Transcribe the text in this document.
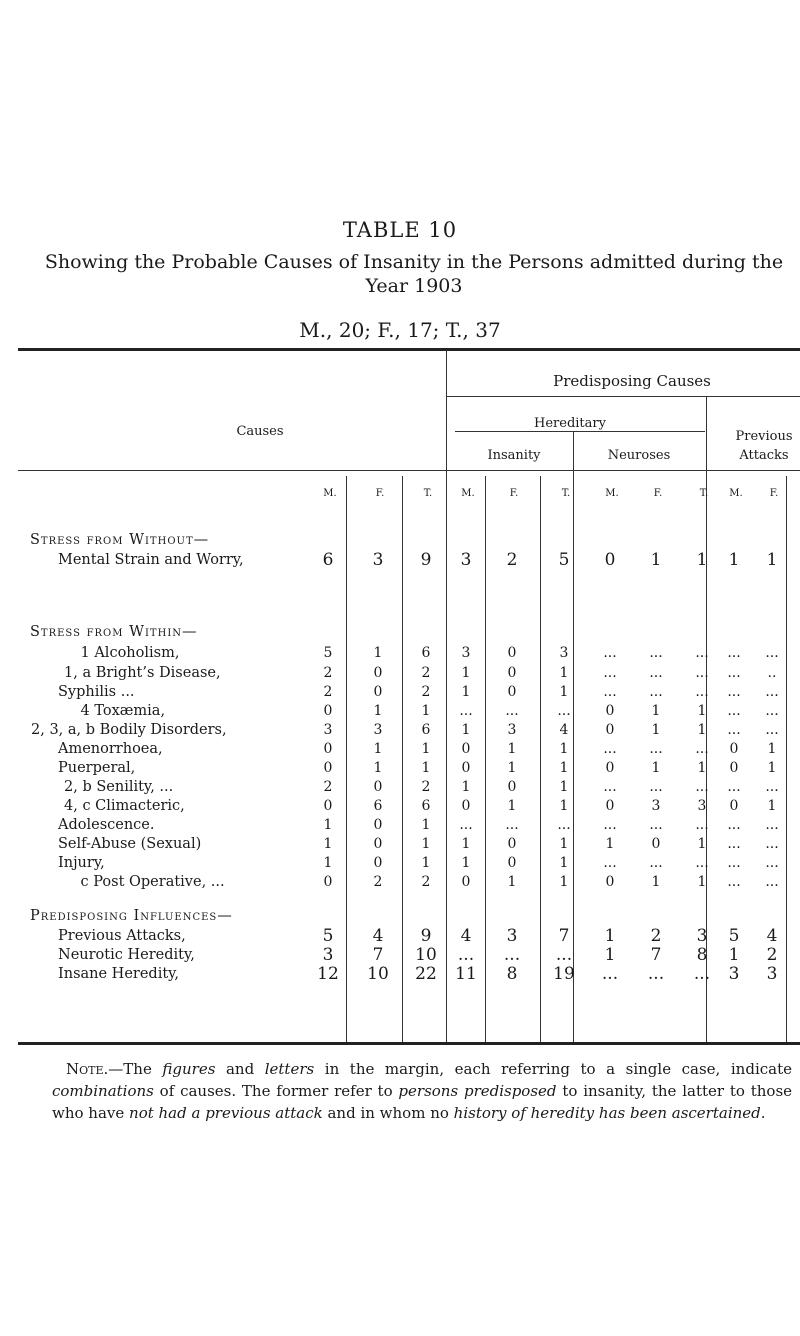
TABLE 10
Showing the Probable Causes of Insanity in the Persons admitted during the Year 1903
M., 20; F., 17; T., 37
Predisposing Causes
Causes
Hereditary
Previous Attacks
Insanity	Neuroses
M.	F.	T.	M.	F.	T.	M.	F.	T.	M.	F.
Stress from Without—
Stress from Within—
Predisposing Influences—
Mental Strain and Worry,	6	3	9	3	2	5	0	1	1	1	1
1 Alcoholism,	5	1	6	3	0	3	...	...	...	...	...
1, a Bright’s Disease,	2	0	2	1	0	1	...	...	...	...	..
Syphilis ...	2	0	2	1	0	1	...	...	...	...	...
4 Toxæmia,	0	1	1	...	...	...	0	1	1	...	...
2, 3, a, b Bodily Disorders,	3	3	6	1	3	4	0	1	1	...	...
Amenorrhoea,	0	1	1	0	1	1	...	...	...	0	1
Puerperal,	0	1	1	0	1	1	0	1	1	0	1
2, b Senility, ...	2	0	2	1	0	1	...	...	...	...	...
4, c Climacteric,	0	6	6	0	1	1	0	3	3	0	1
Adolescence.	1	0	1	...	...	...	...	...	...	...	...
Self-Abuse (Sexual)	1	0	1	1	0	1	1	0	1	...	...
Injury,	1	0	1	1	0	1	...	...	...	...	...
c Post Operative, ...	0	2	2	0	1	1	0	1	1	...	...
Previous Attacks,	5	4	9	4	3	7	1	2	3	5	4
Neurotic Heredity,	3	7	10	...	...	...	1	7	8	1	2
Insane Heredity,	12 10 22 11	8	19	...	...	...	3	3
Note.—The figures and letters in the margin, each referring to a single case, indicate combinations of causes. The former refer to persons predisposed to insanity, the latter to those who have not had a previous attack and in whom no history of heredity has been ascertained.
